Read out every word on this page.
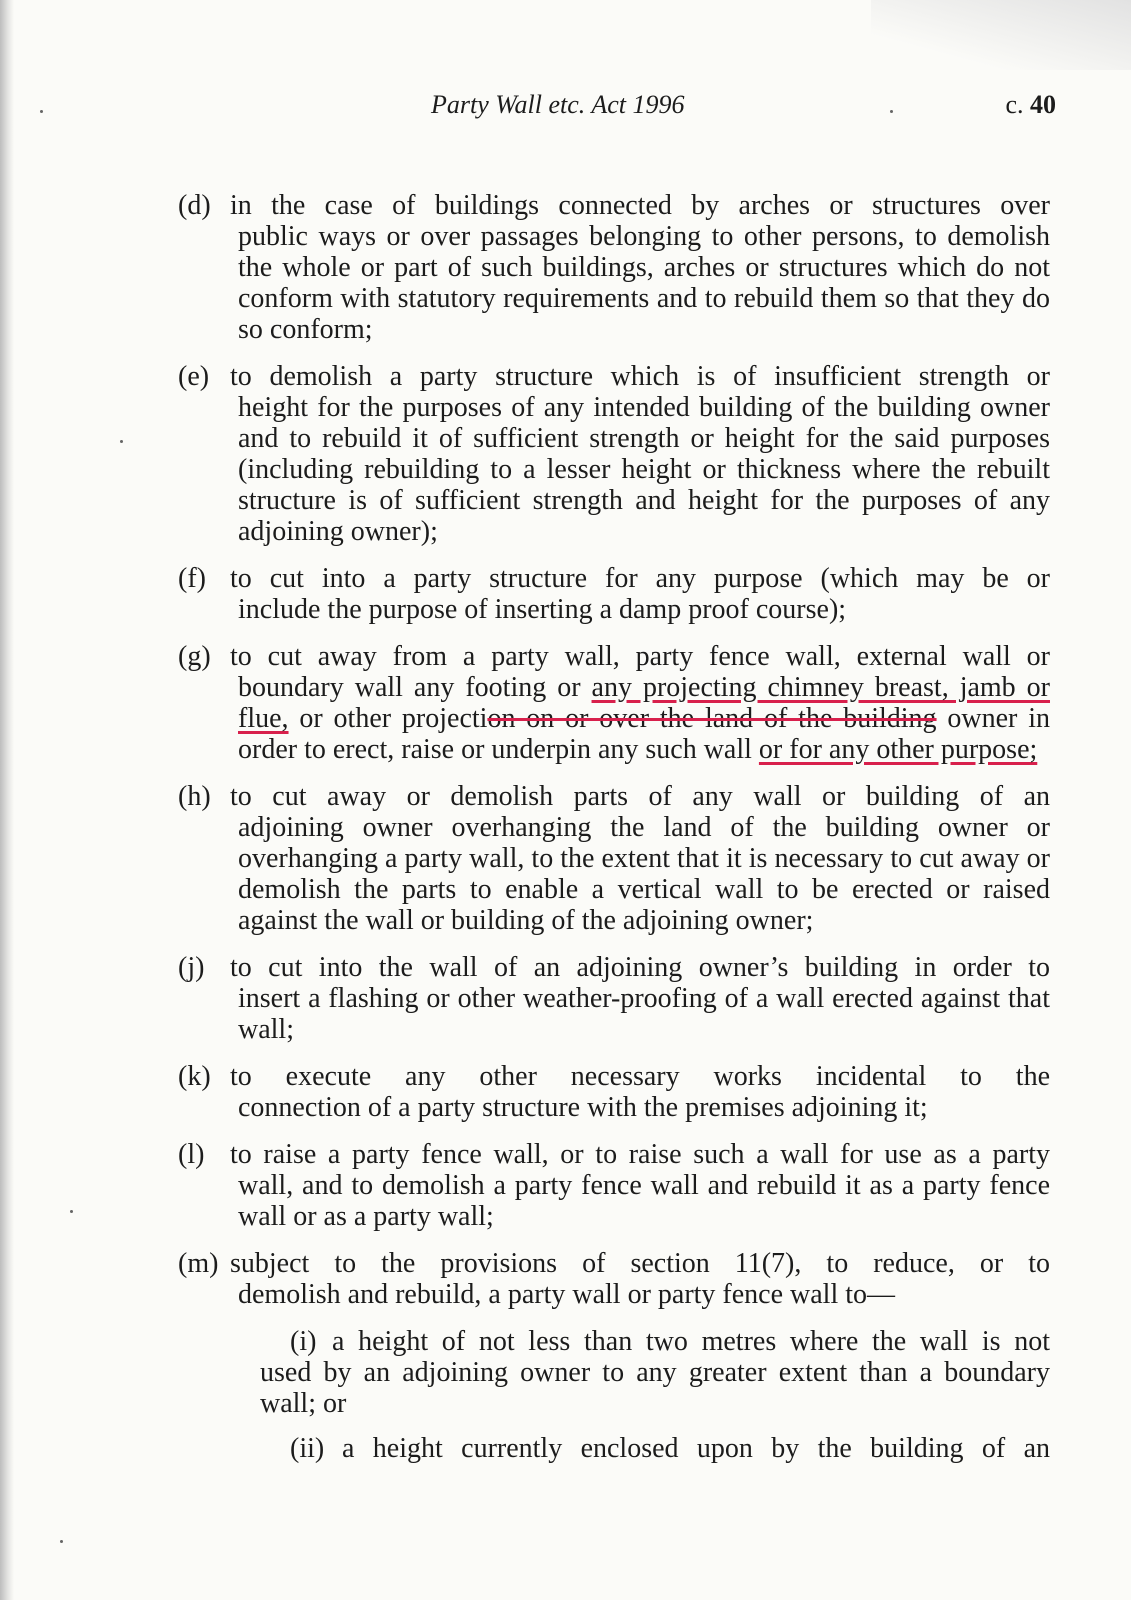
Party Wall etc. Act 1996	c. 40
(d) in the case of buildings connected by arches or structures over
public ways or over passages belonging to other persons, to demolish the whole or part of such buildings, arches or structures which do not conform with statutory requirements and to rebuild them so that they do so conform;
(e) to demolish a party structure which is of insufficient strength or
height for the purposes of any intended building of the building owner and to rebuild it of sufficient strength or height for the said purposes (including rebuilding to a lesser height or thickness where the rebuilt structure is of sufficient strength and height for the purposes of any adjoining owner);
(f) to cut into a party structure for any purpose (which may be or
include the purpose of inserting a damp proof course);
(g) to cut away from a party wall, party fence wall, external wall or
boundary wall any footing or any projecting chimney breast, jamb or flue, or other projection on or over the land of the building owner in order to erect, raise or underpin any such wall or for any other purpose;
(h) to cut away or demolish parts of any wall or building of an
adjoining owner overhanging the land of the building owner or overhanging a party wall, to the extent that it is necessary to cut away or demolish the parts to enable a vertical wall to be erected or raised against the wall or building of the adjoining owner;
(j) to cut into the wall of an adjoining owner’s building in order to
insert a flashing or other weather-proofing of a wall erected against that wall;
(k) to execute any other necessary works incidental to the
connection of a party structure with the premises adjoining it;
(l) to raise a party fence wall, or to raise such a wall for use as a party
wall, and to demolish a party fence wall and rebuild it as a party fence wall or as a party wall;
(m) subject to the provisions of section 11(7), to reduce, or to
demolish and rebuild, a party wall or party fence wall to—
(i) a height of not less than two metres where the wall is not
used by an adjoining owner to any greater extent than a boundary wall; or
(ii) a height currently enclosed upon by the building of an
